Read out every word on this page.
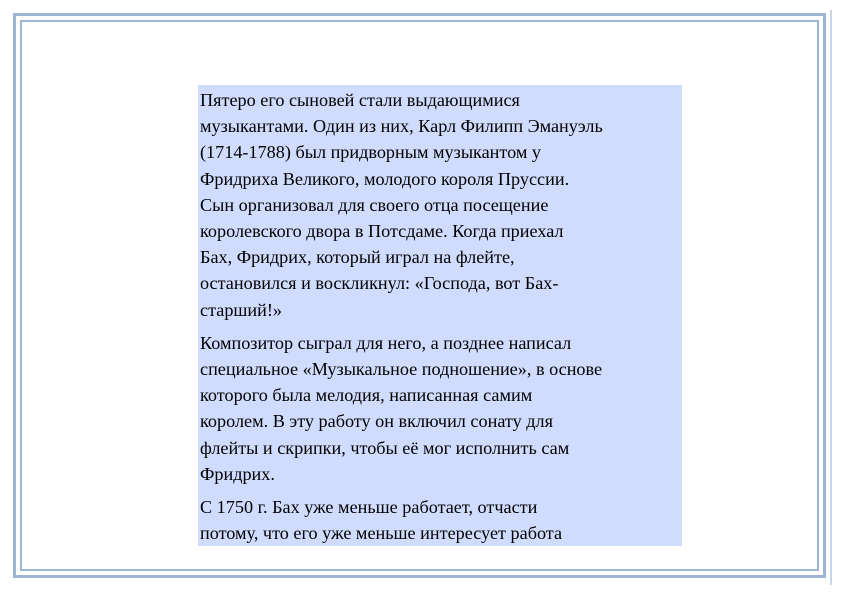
Пятеро его сыновей стали выдающимися
музыкантами. Один из них, Карл Филипп Эмануэль
(1714-1788) был придворным музыкантом у
Фридриха Великого, молодого короля Пруссии.
Сын организовал для своего отца посещение
королевского двора в Потсдаме. Когда приехал
Бах, Фридрих, который играл на флейте,
остановился и воскликнул: «Господа, вот Бах-
старший!»

Композитор сыграл для него, а позднее написал
специальное «Музыкальное подношение», в основе
которого была мелодия, написанная самим
королем. В эту работу он включил сонату для
флейты и скрипки, чтобы её мог исполнить сам
Фридрих.

С 1750 г. Бах уже меньше работает, отчасти
потому, что его уже меньше интересует работа
